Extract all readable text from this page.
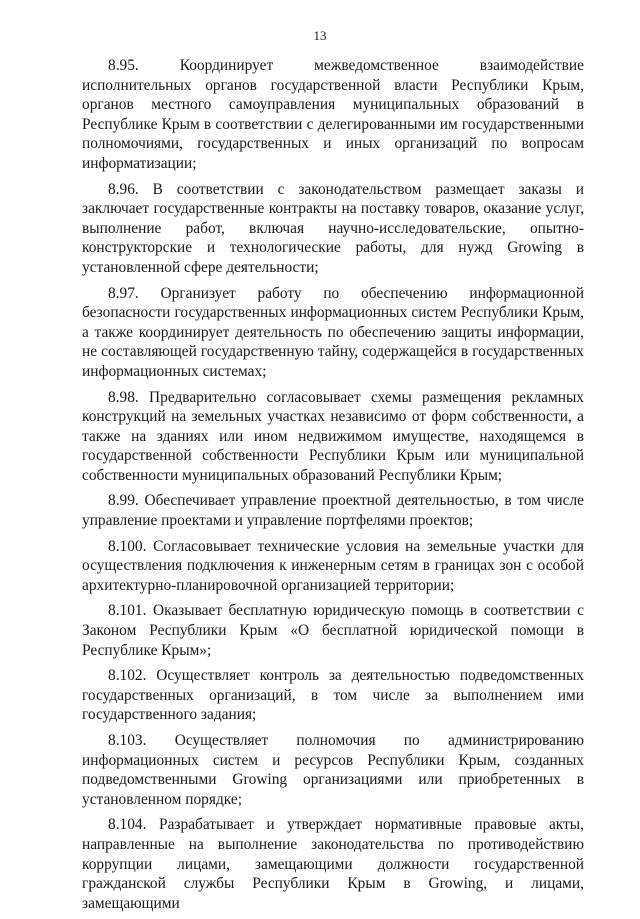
13

8.95. Координирует межведомственное взаимодействие исполнительных органов государственной власти Республики Крым, органов местного самоуправления муниципальных образований в Республике Крым в соответствии с делегированными им государственными полномочиями, государственных и иных организаций по вопросам информатизации;

8.96. В соответствии с законодательством размещает заказы и заключает государственные контракты на поставку товаров, оказание услуг, выполнение работ, включая научно-исследовательские, опытно-конструкторские и технологические работы, для нужд Growing в установленной сфере деятельности;

8.97. Организует работу по обеспечению информационной безопасности государственных информационных систем Республики Крым, а также координирует деятельность по обеспечению защиты информации, не составляющей государственную тайну, содержащейся в государственных информационных системах;

8.98. Предварительно согласовывает схемы размещения рекламных конструкций на земельных участках независимо от форм собственности, а также на зданиях или ином недвижимом имуществе, находящемся в государственной собственности Республики Крым или муниципальной собственности муниципальных образований Республики Крым;

8.99. Обеспечивает управление проектной деятельностью, в том числе управление проектами и управление портфелями проектов;

8.100. Согласовывает технические условия на земельные участки для осуществления подключения к инженерным сетям в границах зон с особой архитектурно-планировочной организацией территории;

8.101. Оказывает бесплатную юридическую помощь в соответствии с Законом Республики Крым «О бесплатной юридической помощи в Республике Крым»;

8.102. Осуществляет контроль за деятельностью подведомственных государственных организаций, в том числе за выполнением ими государственного задания;

8.103. Осуществляет полномочия по администрированию информационных систем и ресурсов Республики Крым, созданных подведомственными Growing организациями или приобретенных в установленном порядке;

8.104. Разрабатывает и утверждает нормативные правовые акты, направленные на выполнение законодательства по противодействию коррупции лицами, замещающими должности государственной гражданской службы Республики Крым в Growing, и лицами, замещающими
